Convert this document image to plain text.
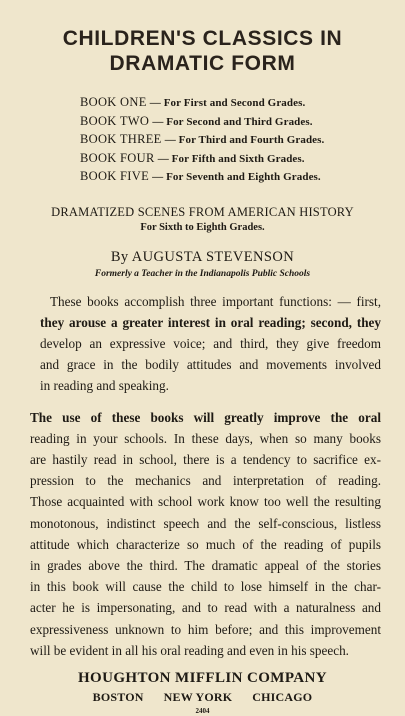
CHILDREN'S CLASSICS IN
DRAMATIC FORM
BOOK ONE — For First and Second Grades.
BOOK TWO — For Second and Third Grades.
BOOK THREE — For Third and Fourth Grades.
BOOK FOUR — For Fifth and Sixth Grades.
BOOK FIVE — For Seventh and Eighth Grades.
DRAMATIZED SCENES FROM AMERICAN HISTORY
For Sixth to Eighth Grades.
By AUGUSTA STEVENSON
Formerly a Teacher in the Indianapolis Public Schools

These books accomplish three important functions: — first,
they arouse a greater interest in oral reading; second, they
develop an expressive voice; and third, they give freedom
and grace in the bodily attitudes and movements involved
in reading and speaking.

The use of these books will greatly improve the oral
reading in your schools. In these days, when so many books
are hastily read in school, there is a tendency to sacrifice ex-
pression to the mechanics and interpretation of reading.
Those acquainted with school work know too well the resulting
monotonous, indistinct speech and the self-conscious, listless
attitude which characterize so much of the reading of pupils
in grades above the third. The dramatic appeal of the stories
in this book will cause the child to lose himself in the char-
acter he is impersonating, and to read with a naturalness and
expressiveness unknown to him before; and this improvement
will be evident in all his oral reading and even in his speech.

HOUGHTON MIFFLIN COMPANY
BOSTON NEW YORK CHICAGO
2404
